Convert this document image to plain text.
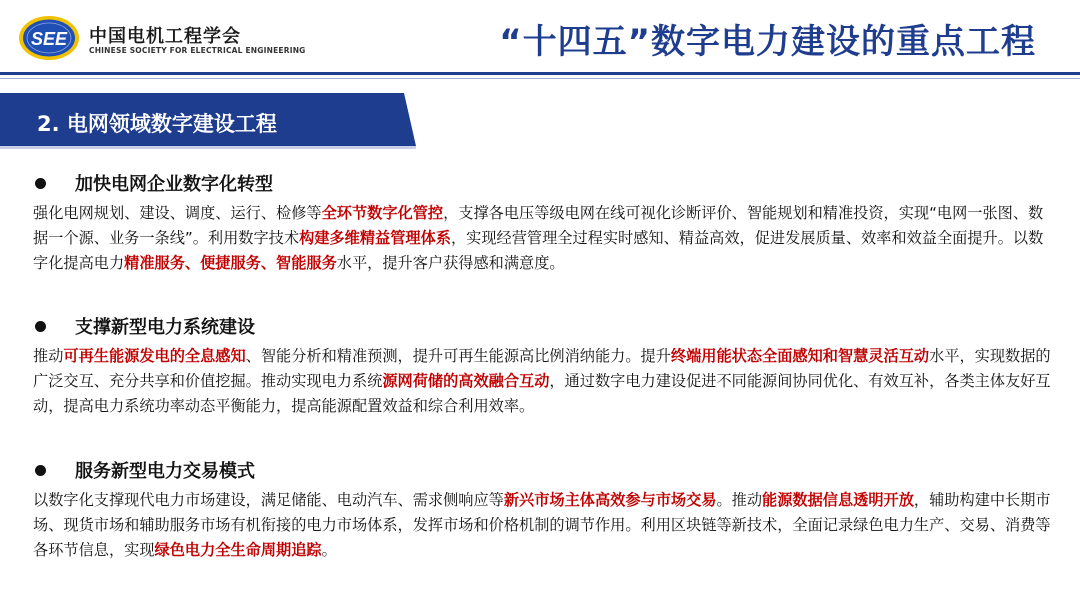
SEE 中国电机工程学会
CHINESE SOCIETY FOR ELECTRICAL ENGINEERING	“十四五”数字电力建设的重点工程
2. 电网领域数字建设工程
加快电网企业数字化转型
强化电网规划、建设、调度、运行、检修等全环节数字化管控，支撑各电压等级电网在线可视化诊断评价、智能规划和精准投资，实现“电网一张图、数据一个源、业务一条线”。利用数字技术构建多维精益管理体系，实现经营管理全过程实时感知、精益高效，促进发展质量、效率和效益全面提升。以数字化提高电力精准服务、便捷服务、智能服务水平，提升客户获得感和满意度。
支撑新型电力系统建设
推动可再生能源发电的全息感知、智能分析和精准预测，提升可再生能源高比例消纳能力。提升终端用能状态全面感知和智慧灵活互动水平，实现数据的广泛交互、充分共享和价值挖掘。推动实现电力系统源网荷储的高效融合互动，通过数字电力建设促进不同能源间协同优化、有效互补，各类主体友好互动，提高电力系统功率动态平衡能力，提高能源配置效益和综合利用效率。
服务新型电力交易模式
以数字化支撑现代电力市场建设，满足储能、电动汽车、需求侧响应等新兴市场主体高效参与市场交易。推动能源数据信息透明开放，辅助构建中长期市场、现货市场和辅助服务市场有机衔接的电力市场体系，发挥市场和价格机制的调节作用。利用区块链等新技术，全面记录绿色电力生产、交易、消费等各环节信息，实现绿色电力全生命周期追踪。
